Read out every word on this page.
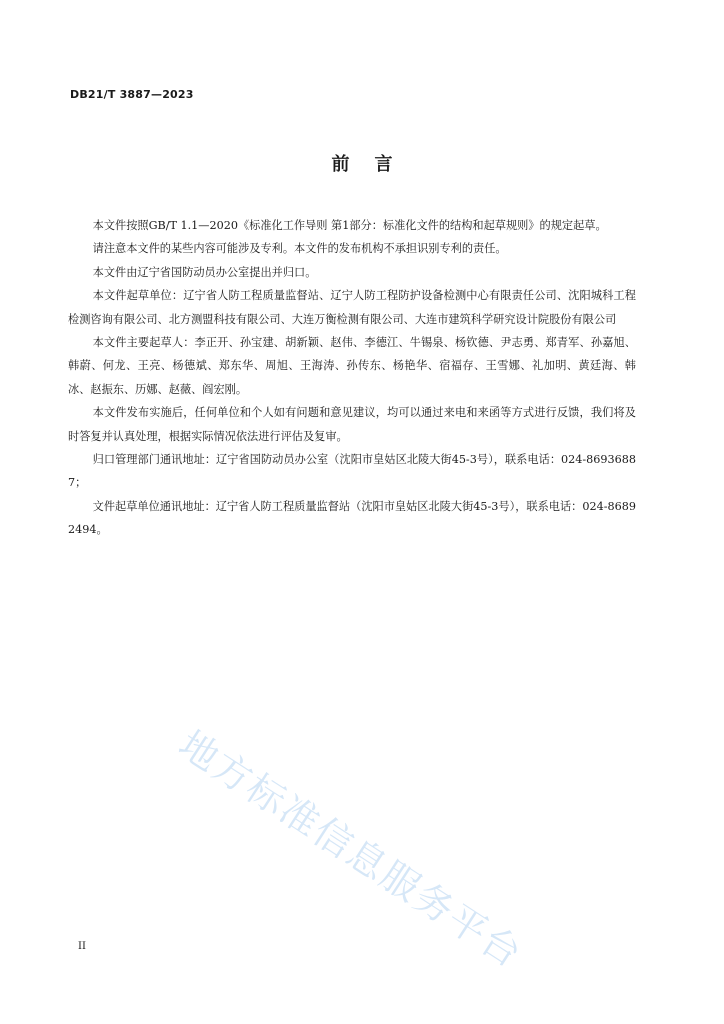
DB21/T 3887—2023
前    言

本文件按照GB/T 1.1—2020《标准化工作导则 第1部分：标准化文件的结构和起草规则》的规定起草。

请注意本文件的某些内容可能涉及专利。本文件的发布机构不承担识别专利的责任。

本文件由辽宁省国防动员办公室提出并归口。

本文件起草单位：辽宁省人防工程质量监督站、辽宁人防工程防护设备检测中心有限责任公司、沈阳城科工程检测咨询有限公司、北方测盟科技有限公司、大连万衡检测有限公司、大连市建筑科学研究设计院股份有限公司

本文件主要起草人：李正开、孙宝建、胡新颖、赵伟、李德江、牛锡泉、杨钦德、尹志勇、郑青军、孙嘉旭、韩蔚、何龙、王亮、杨德斌、郑东华、周旭、王海涛、孙传东、杨艳华、宿福存、王雪娜、礼加明、黄廷海、韩冰、赵振东、历娜、赵薇、阎宏刚。

本文件发布实施后，任何单位和个人如有问题和意见建议，均可以通过来电和来函等方式进行反馈，我们将及时答复并认真处理，根据实际情况依法进行评估及复审。

归口管理部门通讯地址：辽宁省国防动员办公室（沈阳市皇姑区北陵大街45-3号），联系电话：024-86936887；

文件起草单位通讯地址：辽宁省人防工程质量监督站（沈阳市皇姑区北陵大街45-3号），联系电话：024-86892494。

地方标准信息服务平台
II
